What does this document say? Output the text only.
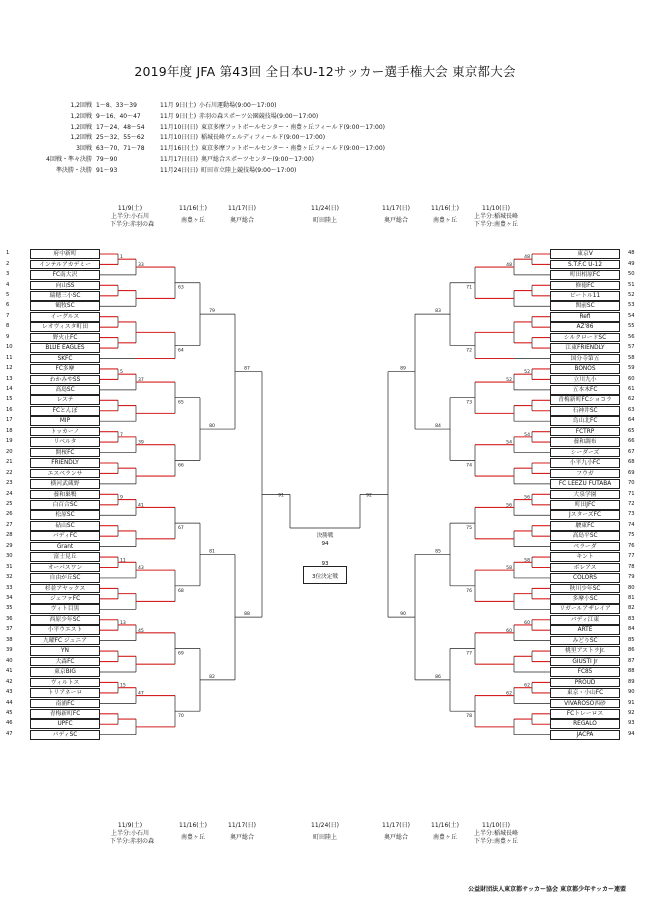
2019年度 JFA 第43回 全日本U-12サッカー選手権大会 東京都大会
1,2回戦 1～8、33～39	11月 9日(土) 小石川運動場(9:00～17:00)
1,2回戦 9～16、40～47	11月 9日(土) 赤羽の森スポーツ公園競技場(9:00～17:00)
1,2回戦 17～24、48～54	11月10日(日) 東京多摩フットボールセンター・南豊ヶ丘フィールド(9:00～17:00)
1,2回戦 25～32、55～62	11月10日(日) 稲城長峰ヴェルディフィールド(9:00～17:00)
3回戦 63～70、71～78	11月16日(土) 東京多摩フットボールセンター・南豊ヶ丘フィールド(9:00～17:00)
4回戦・準々決勝 79～90	11月17日(日) 奥戸総合スポーツセンター(9:00～17:00)
準決勝・決勝 91～93	11月24日(日) 町田市立陸上競技場(9:00～17:00)
11/9(土)
上半分:小石川
下半分:赤羽の森
11/16(土)
南豊ヶ丘
11/17(日)
奥戸総合
11/24(日)
町田陸上
11/17(日)
奥戸総合
11/16(土)
南豊ヶ丘
11/10(日)
上半分:稲城長峰
下半分:南豊ヶ丘
11/9(土)
上半分:小石川
下半分:赤羽の森
11/16(土)
南豊ヶ丘
11/17(日)
奥戸総合
11/24(日)
町田陸上
11/17(日)
奥戸総合
11/16(土)
南豊ヶ丘
11/10(日)
上半分:稲城長峰
下半分:南豊ヶ丘
1
33
5
37
7
39
9
41
11
43
13
45
15
47
63
64
65
66
67
68
69
70
79
80
81
82
87
88
48
48
52
52
54
54
56
56
58
58
60
60
62
62
71
72
73
74
75
76
77
78
83
84
85
86
89
90
91	92
府中新町
1
インテルアカデミー
2
FC南大沢
3
向山SS
4
瑞穂三小SC
5
鶴牧SC
6
イーグルス
7
レオヴィスタ町田
8
野火止FC
9
BLUE EAGLES
10
SKFC
11
FC多摩
12
わかみやSS
13
高島SC
14
レステ
15
FCとんぼ
16
MIP
17
トッカーノ
18
リベルタ
19
開桜FC
20
FRIENDLY
21
エスペランサ
22
横河武蔵野
23
養和巣鴨
24
白百合SC
25
松原SC
26
砧山SC
27
パディFC
28
Grant
29
富士見丘
30
オーパスワン
31
自由が丘SC
32
杉並アヤックス
33
ジェファFC
34
ヴィト目黒
35
西原少年SC
36
小平ウエスト
37
九曜FC ジュニア
38
YN
39
大森FC
40
東京BIG
41
ヴィルトス
42
トリアネーロ
43
南浦FC
44
青梅新町FC
45
UPFC
46
パディSC
47
東京V	48
S.T.F.C U-12	49
町田相原FC	50
修徳FC	51
ビートル11	52
関前SC	53
Refi	54
AZ'86	55
シルクロードSC	56
江東FRIENDLY	57
国分寺第五	58
BONOS	59
立川九小	60
五本木FC	61
青梅新町FCショコラ	62
石神井SC	63
烏山北FC	64
FCTRP	65
養和調布	66
シーダーズ	67
小平九小FC	68
フウガ	69
FC LEEZU FUTABA	70
大泉学園	71
町田JFC	72
JスターズFC	73
駿東FC	74
高島平SC	75
ペラーダ	76
キント	77
ボレアス	78
COLORS	79
秋川少年SC	80
多摩小SC	81
リガールアザレイア	82
パディ江東	83
ARTE	84
みどりSC	85
桃里アストラJr.	86
GIUSTI Jr	87
FC85	88
PROUD	89
東京・小山FC	90
VIVAROSO西砂	91
FCトレーロス	92
REGALO	93
JACPA	94
決勝戦
94
93
3位決定戦
公益財団法人東京都サッカー協会 東京都少年サッカー連盟
